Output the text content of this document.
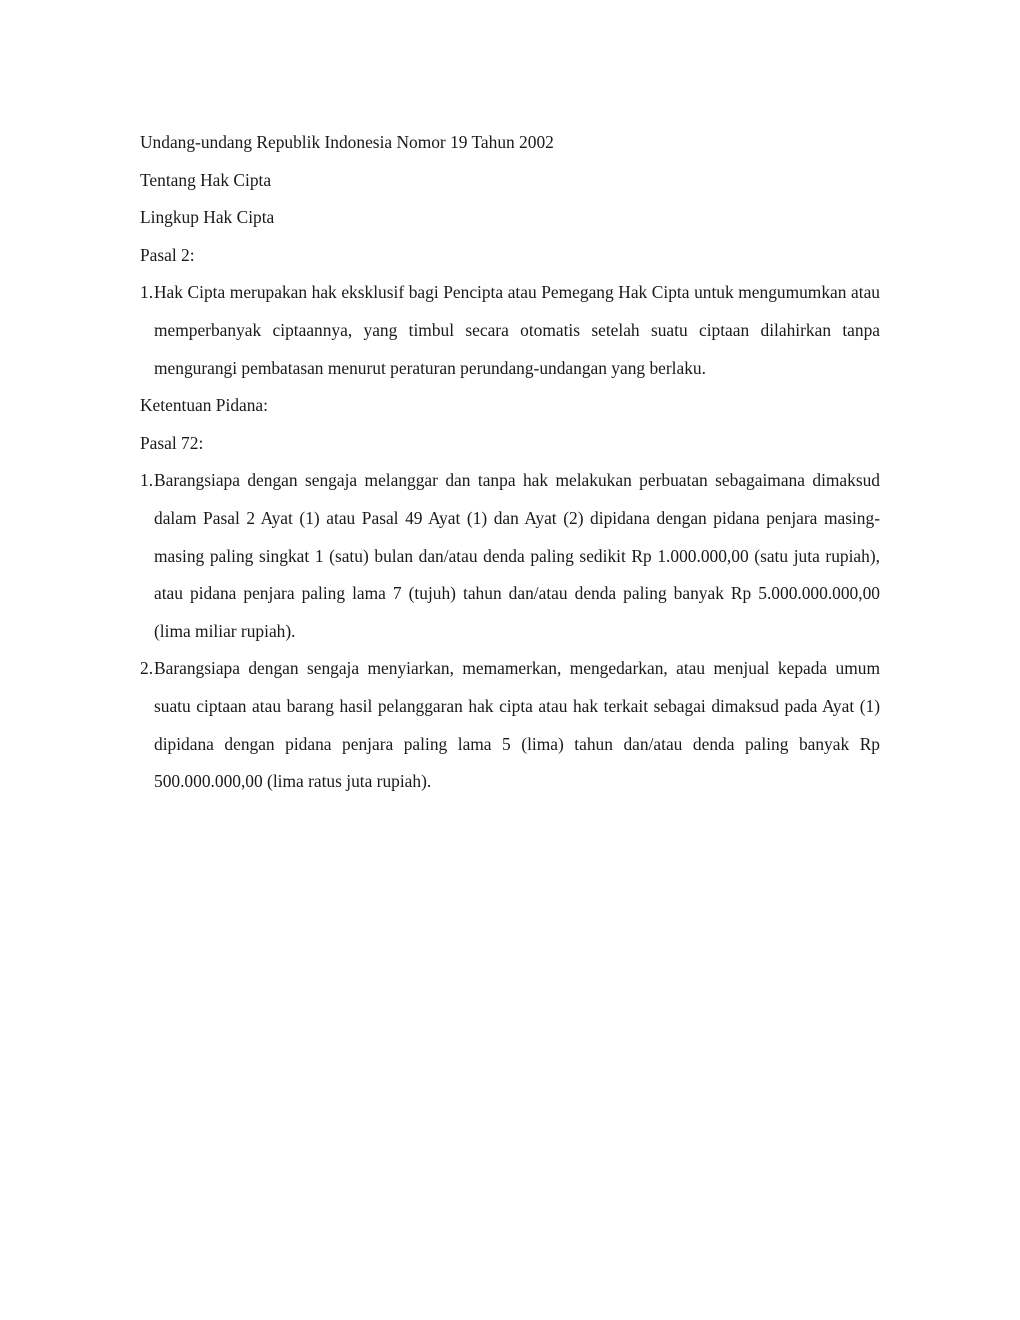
Undang-undang Republik Indonesia Nomor 19 Tahun 2002

Tentang Hak Cipta

Lingkup Hak Cipta

Pasal 2:

1. Hak Cipta merupakan hak eksklusif bagi Pencipta atau Pemegang Hak Cipta untuk mengumumkan atau memperbanyak ciptaannya, yang timbul secara otomatis setelah suatu ciptaan dilahirkan tanpa mengurangi pembatasan menurut peraturan perundang-undangan yang berlaku.

Ketentuan Pidana:

Pasal 72:

1. Barangsiapa dengan sengaja melanggar dan tanpa hak melakukan perbuatan sebagaimana dimaksud dalam Pasal 2 Ayat (1) atau Pasal 49 Ayat (1) dan Ayat (2) dipidana dengan pidana penjara masing-masing paling singkat 1 (satu) bulan dan/atau denda paling sedikit Rp 1.000.000,00 (satu juta rupiah), atau pidana penjara paling lama 7 (tujuh) tahun dan/atau denda paling banyak Rp 5.000.000.000,00 (lima miliar rupiah).
2. Barangsiapa dengan sengaja menyiarkan, memamerkan, mengedarkan, atau menjual kepada umum suatu ciptaan atau barang hasil pelanggaran hak cipta atau hak terkait sebagai dimaksud pada Ayat (1) dipidana dengan pidana penjara paling lama 5 (lima) tahun dan/atau denda paling banyak Rp 500.000.000,00 (lima ratus juta rupiah).
